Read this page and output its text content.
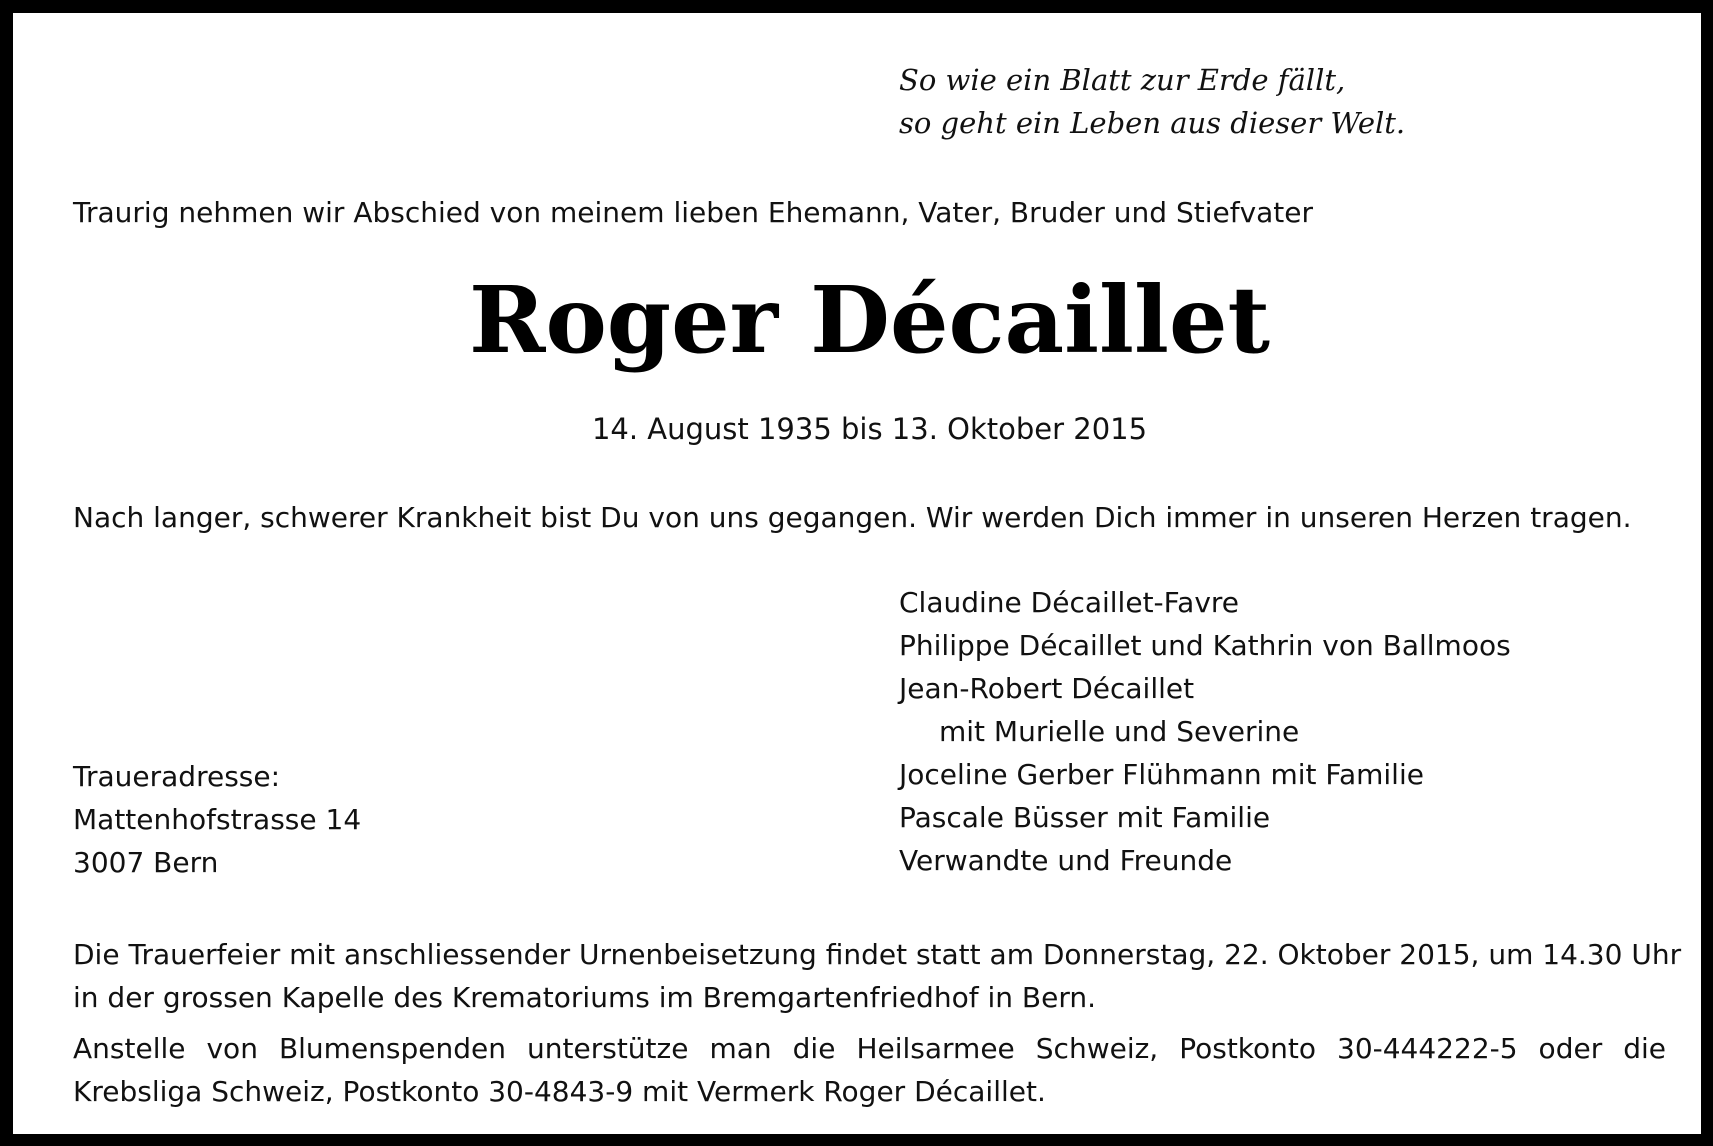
So wie ein Blatt zur Erde fällt,
so geht ein Leben aus dieser Welt.

Traurig nehmen wir Abschied von meinem lieben Ehemann, Vater, Bruder und Stiefvater

Roger Décaillet

14. August 1935 bis 13. Oktober 2015

Nach langer, schwerer Krankheit bist Du von uns gegangen. Wir werden Dich immer in unseren Herzen tragen.

Claudine Décaillet-Favre
Philippe Décaillet und Kathrin von Ballmoos
Jean-Robert Décaillet
mit Murielle und Severine
Joceline Gerber Flühmann mit Familie
Pascale Büsser mit Familie
Verwandte und Freunde
Traueradresse:
Mattenhofstrasse 14
3007 Bern
Die Trauerfeier mit anschliessender Urnenbeisetzung findet statt am Donnerstag, 22. Oktober 2015, um 14.30 Uhr
in der grossen Kapelle des Krematoriums im Bremgartenfriedhof in Bern.
Anstelle von Blumenspenden unterstütze man die Heilsarmee Schweiz, Postkonto 30-444222-5 oder die
Krebsliga Schweiz, Postkonto 30-4843-9 mit Vermerk Roger Décaillet.
